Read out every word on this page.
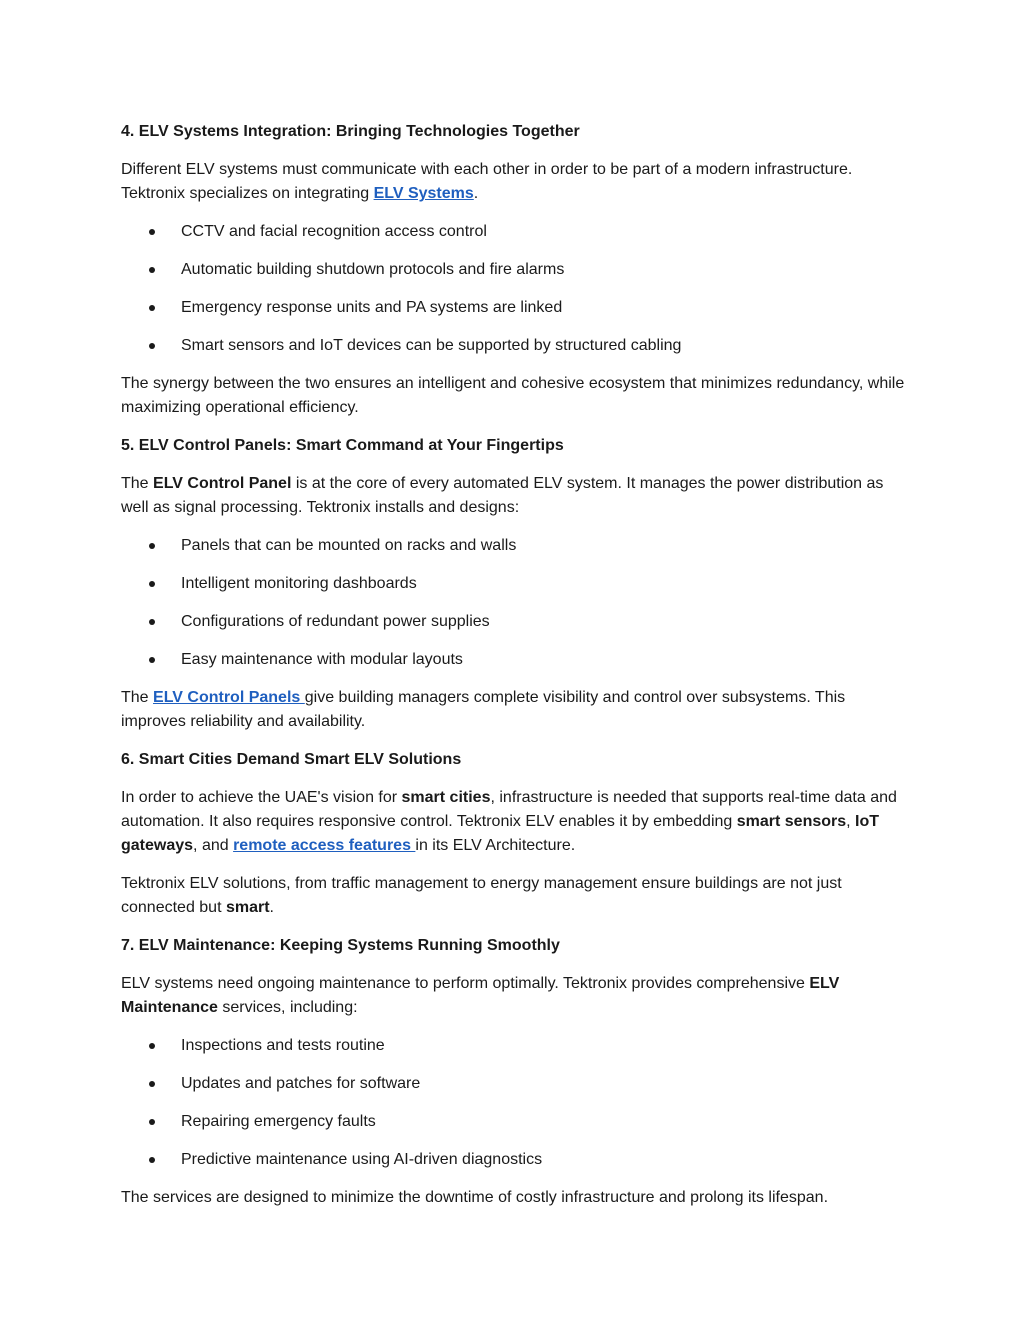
4. ELV Systems Integration: Bringing Technologies Together

Different ELV systems must communicate with each other in order to be part of a modern infrastructure. Tektronix specializes on integrating ELV Systems.

CCTV and facial recognition access control
Automatic building shutdown protocols and fire alarms
Emergency response units and PA systems are linked
Smart sensors and IoT devices can be supported by structured cabling

The synergy between the two ensures an intelligent and cohesive ecosystem that minimizes redundancy, while maximizing operational efficiency.

5. ELV Control Panels: Smart Command at Your Fingertips

The ELV Control Panel is at the core of every automated ELV system. It manages the power distribution as well as signal processing. Tektronix installs and designs:

Panels that can be mounted on racks and walls
Intelligent monitoring dashboards
Configurations of redundant power supplies
Easy maintenance with modular layouts

The ELV Control Panels give building managers complete visibility and control over subsystems. This improves reliability and availability.

6. Smart Cities Demand Smart ELV Solutions

In order to achieve the UAE's vision for smart cities, infrastructure is needed that supports real-time data and automation. It also requires responsive control. Tektronix ELV enables it by embedding smart sensors, IoT gateways, and remote access features in its ELV Architecture.

Tektronix ELV solutions, from traffic management to energy management ensure buildings are not just connected but smart.

7. ELV Maintenance: Keeping Systems Running Smoothly

ELV systems need ongoing maintenance to perform optimally. Tektronix provides comprehensive ELV Maintenance services, including:

Inspections and tests routine
Updates and patches for software
Repairing emergency faults
Predictive maintenance using AI-driven diagnostics

The services are designed to minimize the downtime of costly infrastructure and prolong its lifespan.
